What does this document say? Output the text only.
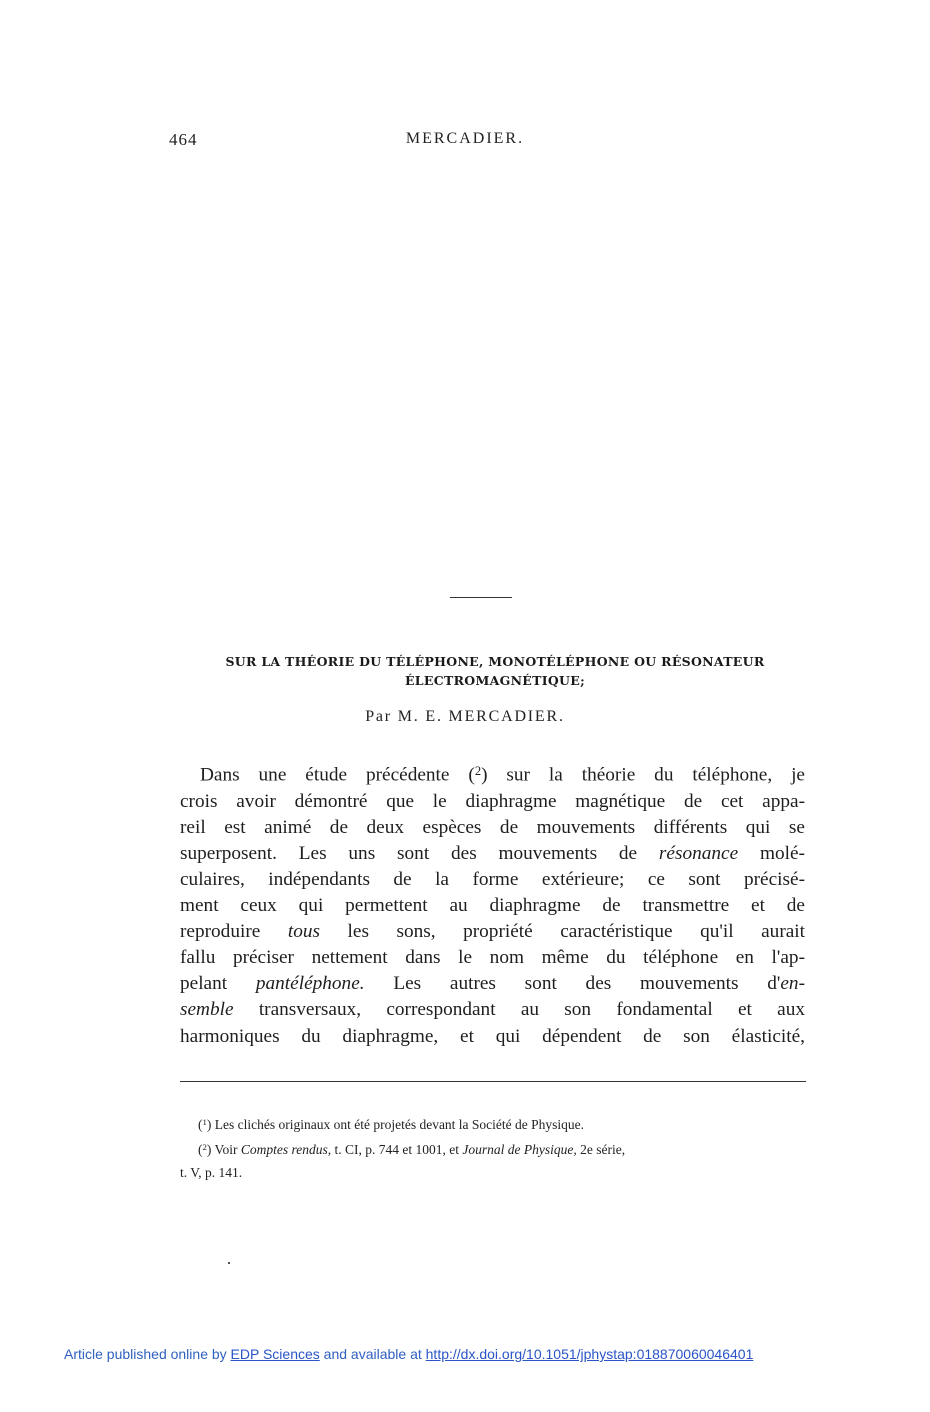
464	MERCADIER.
SUR LA THÉORIE DU TÉLÉPHONE, MONOTÉLÉPHONE OU RÉSONATEUR
ÉLECTROMAGNÉTIQUE;
Par M. E. MERCADIER.
Dans une étude précédente ($^2$) sur la théorie du téléphone, je
crois avoir démontré que le diaphragme magnétique de cet appa-
reil est animé de deux espèces de mouvements différents qui se
superposent. Les uns sont des mouvements de résonance molé-
culaires, indépendants de la forme extérieure; ce sont précisé-
ment ceux qui permettent au diaphragme de transmettre et de
reproduire tous les sons, propriété caractéristique qu'il aurait
fallu préciser nettement dans le nom même du téléphone en l'ap-
pelant pantéléphone. Les autres sont des mouvements d'en-
semble transversaux, correspondant au son fondamental et aux
harmoniques du diaphragme, et qui dépendent de son élasticité,
($^1$) Les clichés originaux ont été projetés devant la Société de Physique.
($^2$) Voir Comptes rendus, t. CI, p. 744 et 1001, et Journal de Physique, 2e série,
t. V, p. 141.
Article published online by EDP Sciences and available at http://dx.doi.org/10.1051/jphystap:018870060046401
